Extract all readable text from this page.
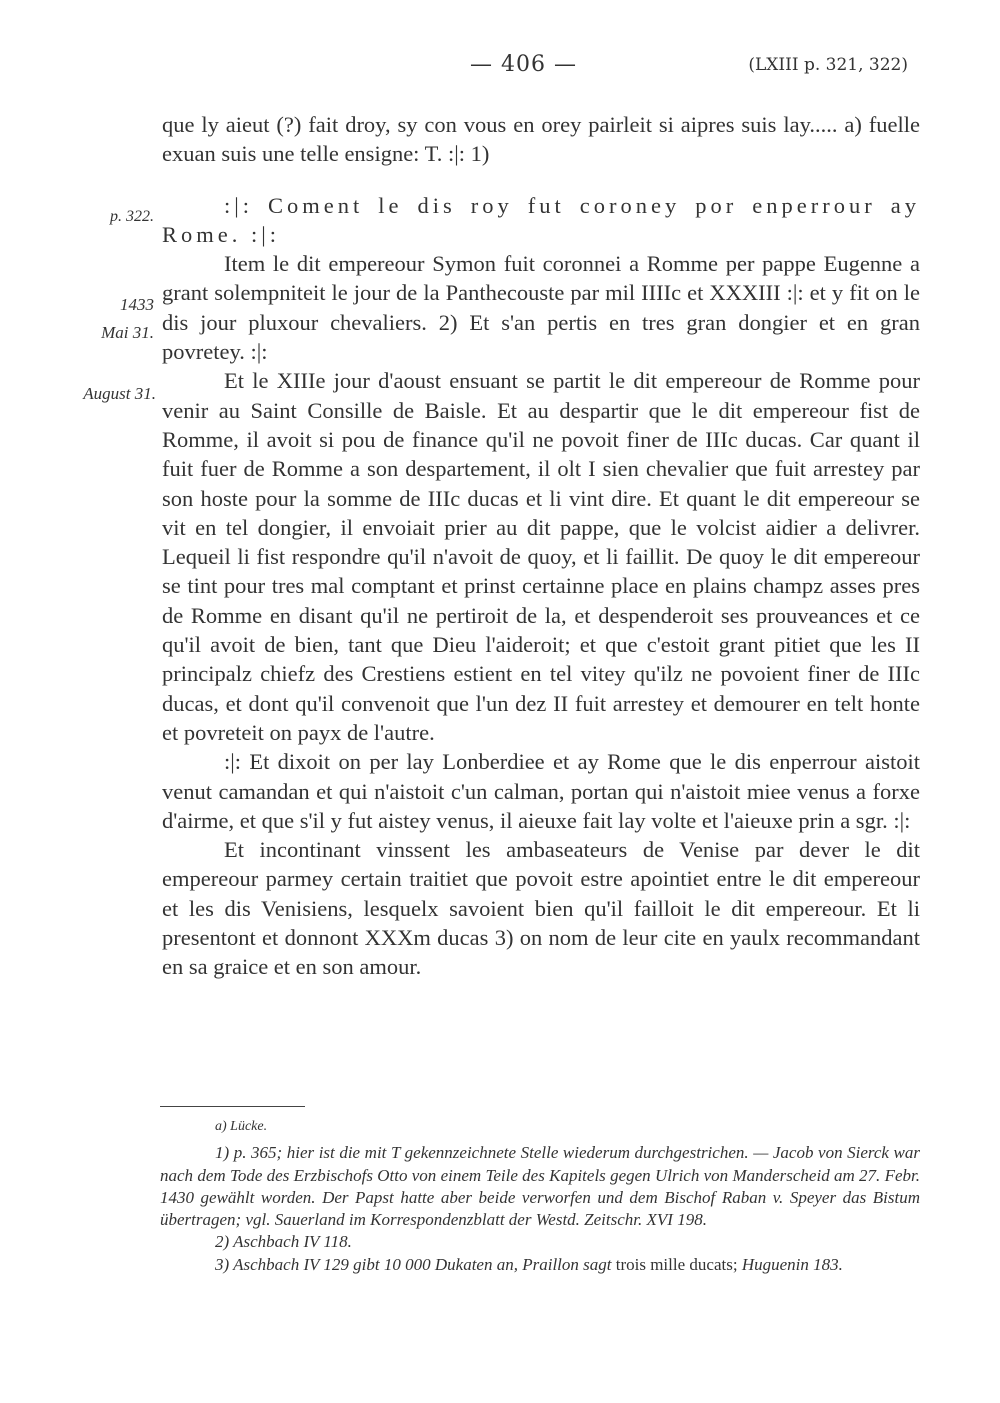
— 406 —	(LXIII p. 321, 322)
p. 322.
1433
Mai 31.
August 31.

que ly aieut (?) fait droy, sy con vous en orey pairleit si aipres suis lay..... a) fuelle exuan suis une telle ensigne: T. :|: 1)

:|: Coment le dis roy fut coroney por enperrour ay Rome. :|:

Item le dit empereour Symon fuit coronnei a Romme per pappe Eugenne a grant solempniteit le jour de la Panthecouste par mil IIIIc et XXXIII :|: et y fit on le dis jour pluxour chevaliers. 2) Et s'an pertis en tres gran dongier et en gran povretey. :|:

Et le XIIIe jour d'aoust ensuant se partit le dit empereour de Romme pour venir au Saint Consille de Baisle. Et au despartir que le dit empereour fist de Romme, il avoit si pou de finance qu'il ne povoit finer de IIIc ducas. Car quant il fuit fuer de Romme a son despartement, il olt I sien chevalier que fuit arrestey par son hoste pour la somme de IIIc ducas et li vint dire. Et quant le dit empereour se vit en tel dongier, il envoiait prier au dit pappe, que le volcist aidier a delivrer. Lequeil li fist respondre qu'il n'avoit de quoy, et li faillit. De quoy le dit empereour se tint pour tres mal comptant et prinst certainne place en plains champz asses pres de Romme en disant qu'il ne pertiroit de la, et despenderoit ses prouveances et ce qu'il avoit de bien, tant que Dieu l'aideroit; et que c'estoit grant pitiet que les II principalz chiefz des Crestiens estient en tel vitey qu'ilz ne povoient finer de IIIc ducas, et dont qu'il convenoit que l'un dez II fuit arrestey et demourer en telt honte et povreteit on payx de l'autre.

:|: Et dixoit on per lay Lonberdiee et ay Rome que le dis enperrour aistoit venut camandan et qui n'aistoit c'un calman, portan qui n'aistoit miee venus a forxe d'airme, et que s'il y fut aistey venus, il aieuxe fait lay volte et l'aieuxe prin a sgr. :|:

Et incontinant vinssent les ambaseateurs de Venise par dever le dit empereour parmey certain traitiet que povoit estre apointiet entre le dit empereour et les dis Venisiens, lesquelx savoient bien qu'il failloit le dit empereour. Et li presentont et donnont XXXm ducas 3) on nom de leur cite en yaulx recommandant en sa graice et en son amour.

a) Lücke.

1) p. 365; hier ist die mit T gekennzeichnete Stelle wiederum durchgestrichen. — Jacob von Sierck war nach dem Tode des Erzbischofs Otto von einem Teile des Kapitels gegen Ulrich von Manderscheid am 27. Febr. 1430 gewählt worden. Der Papst hatte aber beide verworfen und dem Bischof Raban v. Speyer das Bistum übertragen; vgl. Sauerland im Korrespondenzblatt der Westd. Zeitschr. XVI 198.

2) Aschbach IV 118.

3) Aschbach IV 129 gibt 10 000 Dukaten an, Praillon sagt trois mille ducats; Huguenin 183.
